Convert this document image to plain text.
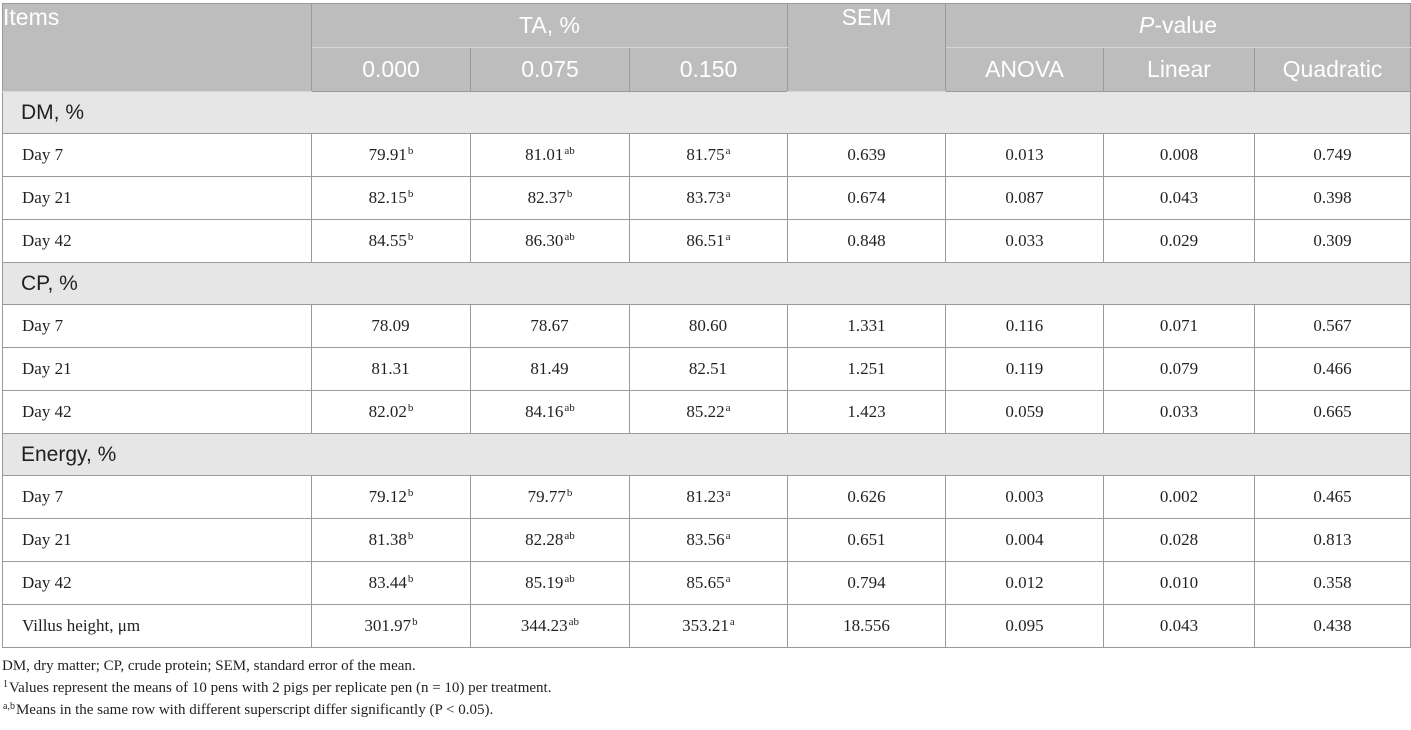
Items	TA, %			SEM	P-value		
	0.000	0.075	0.150		ANOVA	Linear	Quadratic
DM, %							
Day 7	79.91$^b$	81.01$^{ab}$	81.75$^a$	0.639	0.013	0.008	0.749
Day 21	82.15$^b$	82.37$^b$	83.73$^a$	0.674	0.087	0.043	0.398
Day 42	84.55$^b$	86.30$^{ab}$	86.51$^a$	0.848	0.033	0.029	0.309
CP, %							
Day 7	78.09	78.67	80.60	1.331	0.116	0.071	0.567
Day 21	81.31	81.49	82.51	1.251	0.119	0.079	0.466
Day 42	82.02$^b$	84.16$^{ab}$	85.22$^a$	1.423	0.059	0.033	0.665
Energy, %							
Day 7	79.12$^b$	79.77$^b$	81.23$^a$	0.626	0.003	0.002	0.465
Day 21	81.38$^b$	82.28$^{ab}$	83.56$^a$	0.651	0.004	0.028	0.813
Day 42	83.44$^b$	85.19$^{ab}$	85.65$^a$	0.794	0.012	0.010	0.358
Villus height, μm	301.97$^b$	344.23$^{ab}$	353.21$^a$	18.556	0.095	0.043	0.438
DM, dry matter; CP, crude protein; SEM, standard error of the mean.
$^1$Values represent the means of 10 pens with 2 pigs per replicate pen (n = 10) per treatment.
$^{a,b}$Means in the same row with different superscript differ significantly (P < 0.05).
